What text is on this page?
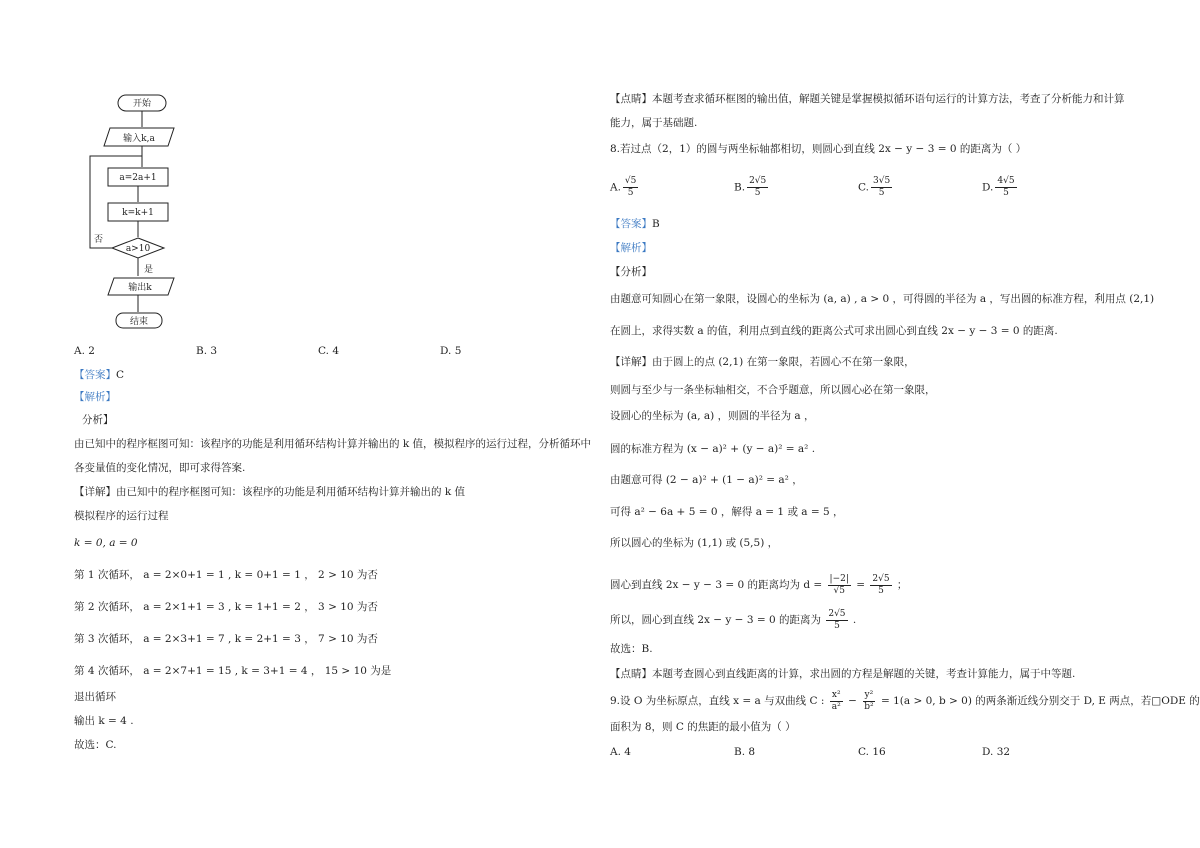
开始
输入k,a
a=2a+1
k=k+1
a>10
否
是
输出k
结束
A. 2	B. 3	C. 4	D. 5
【答案】C
【解析】
分析】
由已知中的程序框图可知：该程序的功能是利用循环结构计算并输出的 k 值，模拟程序的运行过程，分析循环中
各变量值的变化情况，即可求得答案.
【详解】由已知中的程序框图可知：该程序的功能是利用循环结构计算并输出的 k 值
模拟程序的运行过程
k = 0, a = 0
第 1 次循环， a = 2×0+1 = 1 , k = 0+1 = 1 ， 2 > 10 为否
第 2 次循环， a = 2×1+1 = 3 , k = 1+1 = 2 ， 3 > 10 为否
第 3 次循环， a = 2×3+1 = 7 , k = 2+1 = 3 ， 7 > 10 为否
第 4 次循环， a = 2×7+1 = 15 , k = 3+1 = 4 ， 15 > 10 为是
退出循环
输出 k = 4 .
故选：C.
【点睛】本题考查求循环框图的输出值，解题关键是掌握模拟循环语句运行的计算方法，考查了分析能力和计算
能力，属于基础题.
8.若过点（2，1）的圆与两坐标轴都相切，则圆心到直线 2x − y − 3 = 0 的距离为（ ）
A. $\frac{√5}{5}$	B. $\frac{2√5}{5}$	C. $\frac{3√5}{5}$	D. $\frac{4√5}{5}$
【答案】B
【解析】
【分析】
由题意可知圆心在第一象限，设圆心的坐标为 (a, a) , a > 0 ，可得圆的半径为 a ，写出圆的标准方程，利用点 (2,1)
在圆上，求得实数 a 的值，利用点到直线的距离公式可求出圆心到直线 2x − y − 3 = 0 的距离.
【详解】由于圆上的点 (2,1) 在第一象限，若圆心不在第一象限，
则圆与至少与一条坐标轴相交，不合乎题意，所以圆心必在第一象限，
设圆心的坐标为 (a, a) ，则圆的半径为 a ，
圆的标准方程为 (x − a)² + (y − a)² = a² .
由题意可得 (2 − a)² + (1 − a)² = a² ，
可得 a² − 6a + 5 = 0 ，解得 a = 1 或 a = 5 ，
所以圆心的坐标为 (1,1) 或 (5,5) ，
圆心到直线 2x − y − 3 = 0 的距离均为 $d = \frac{|-2|}{√5} = \frac{2√5}{5}$ ；
所以，圆心到直线 2x − y − 3 = 0 的距离为 $\frac{2√5}{5}$ .
故选：B.
【点睛】本题考查圆心到直线距离的计算，求出圆的方程是解题的关键，考查计算能力，属于中等题.
9.设 O 为坐标原点，直线 x = a 与双曲线 C : $\frac{\text{x²}}{\text{a²}} - \frac{\text{y²}}{\text{b²}} = 1(a > 0$, b > 0) 的两条渐近线分别交于 D, E 两点，若□ODE 的
面积为 8，则 C 的焦距的最小值为（ ）
A. 4	B. 8	C. 16	D. 32
